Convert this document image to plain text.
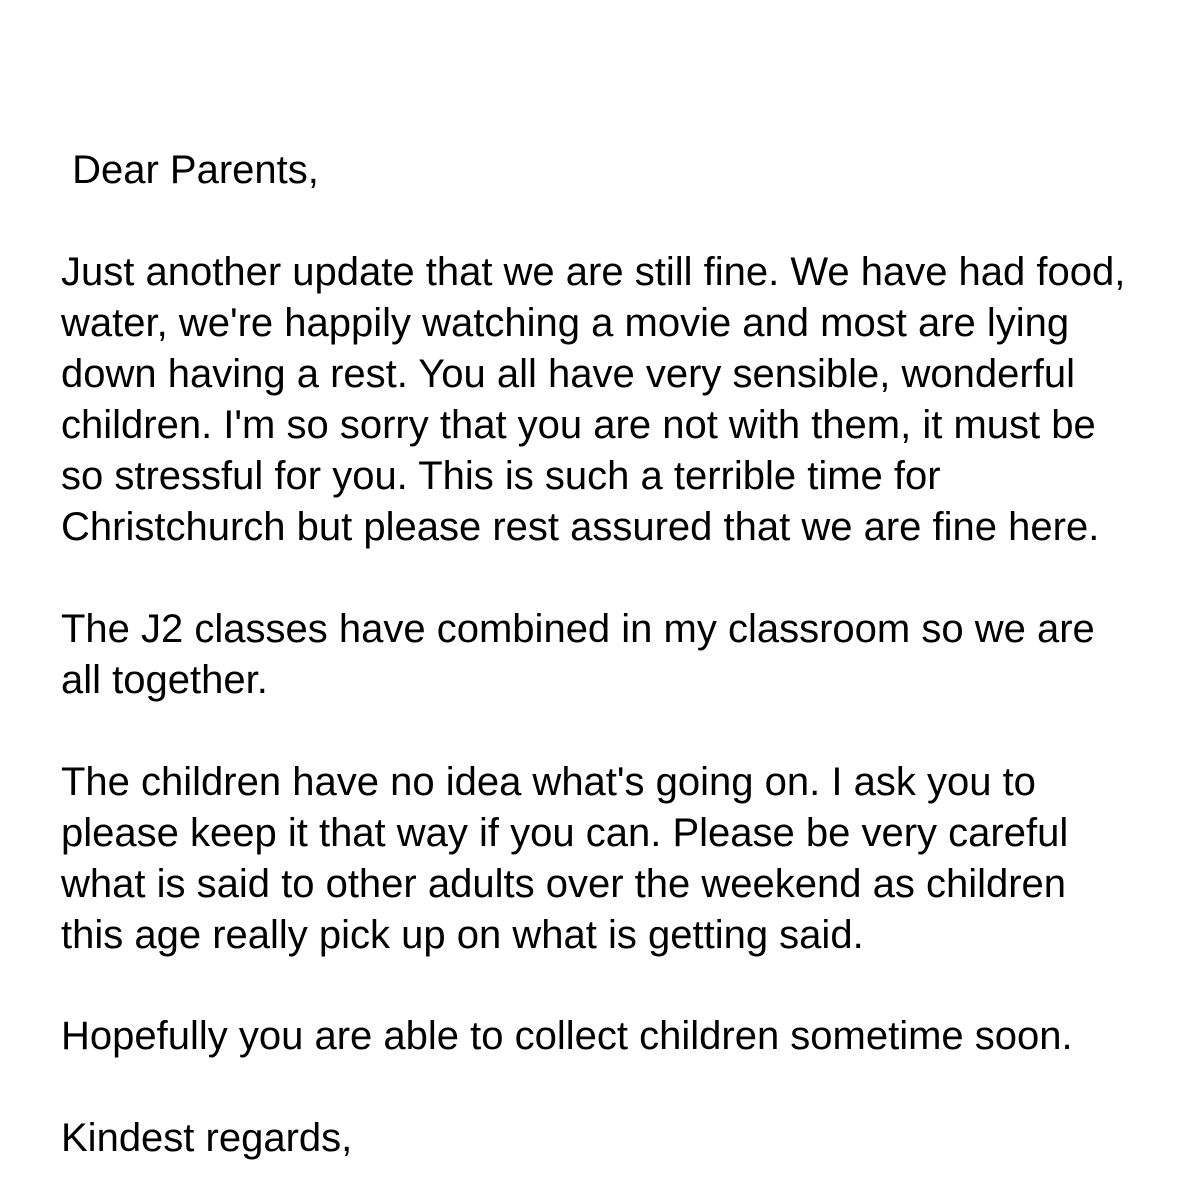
Dear Parents,

Just another update that we are still fine. We have had food,

water, we're happily watching a movie and most are lying

down having a rest. You all have very sensible, wonderful

children. I'm so sorry that you are not with them, it must be

so stressful for you. This is such a terrible time for

Christchurch but please rest assured that we are fine here.

The J2 classes have combined in my classroom so we are

all together.

The children have no idea what's going on. I ask you to

please keep it that way if you can. Please be very careful

what is said to other adults over the weekend as children

this age really pick up on what is getting said.

Hopefully you are able to collect children sometime soon.

Kindest regards,
